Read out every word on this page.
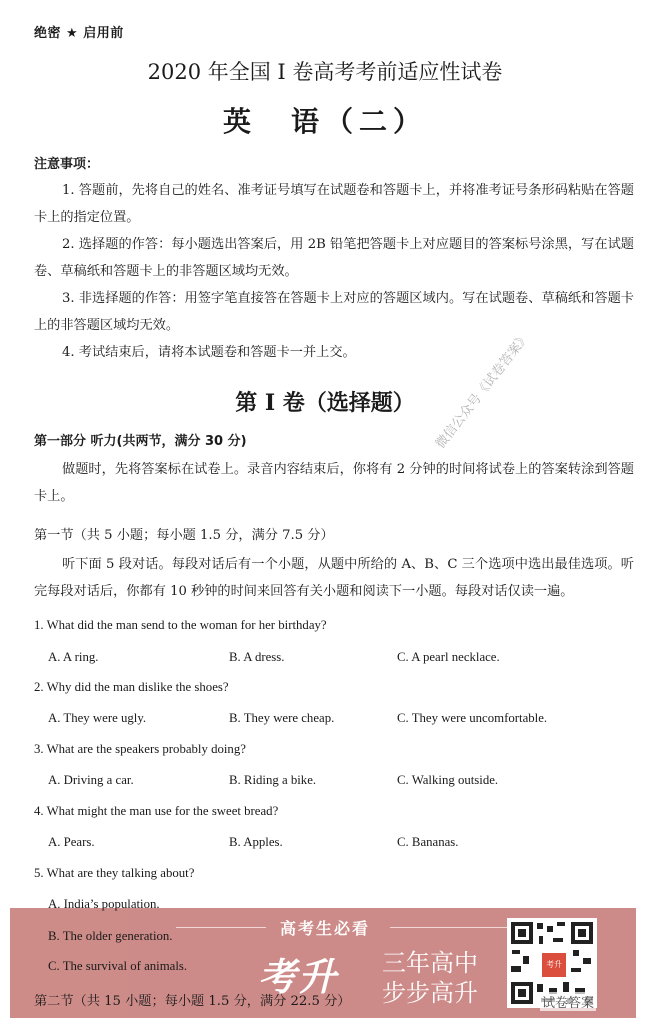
绝密 ★ 启用前
2020 年全国 I 卷高考考前适应性试卷
英　语（二）
注意事项：
1. 答题前，先将自己的姓名、准考证号填写在试题卷和答题卡上，并将准考证号条形码粘贴在答题卡上的指定位置。
2. 选择题的作答：每小题选出答案后，用 2B 铅笔把答题卡上对应题目的答案标号涂黑，写在试题卷、草稿纸和答题卡上的非答题区域均无效。
3. 非选择题的作答：用签字笔直接答在答题卡上对应的答题区域内。写在试题卷、草稿纸和答题卡上的非答题区域均无效。
4. 考试结束后，请将本试题卷和答题卡一并上交。
第 I 卷（选择题）
第一部分 听力(共两节，满分 30 分)
做题时，先将答案标在试卷上。录音内容结束后，你将有 2 分钟的时间将试卷上的答案转涂到答题卡上。
第一节（共 5 小题；每小题 1.5 分，满分 7.5 分）
听下面 5 段对话。每段对话后有一个小题，从题中所给的 A、B、C 三个选项中选出最佳选项。听完每段对话后，你都有 10 秒钟的时间来回答有关小题和阅读下一小题。每段对话仅读一遍。
微信公众号《试卷答案》
1. What did the man send to the woman for her birthday?
A. A ring.	B. A dress.	C. A pearl necklace.
2. Why did the man dislike the shoes?
A. They were ugly.	B. They were cheap.	C. They were uncomfortable.
3. What are the speakers probably doing?
A. Driving a car.	B. Riding a bike.	C. Walking outside.
4. What might the man use for the sweet bread?
A. Pears.	B. Apples.	C. Bananas.
5. What are they talking about?
高考生必看
考升 三年高中
步步高升
考升
试卷答案
A. India’s population.
B. The older generation.
C. The survival of animals.
第二节（共 15 小题；每小题 1.5 分，满分 22.5 分）
